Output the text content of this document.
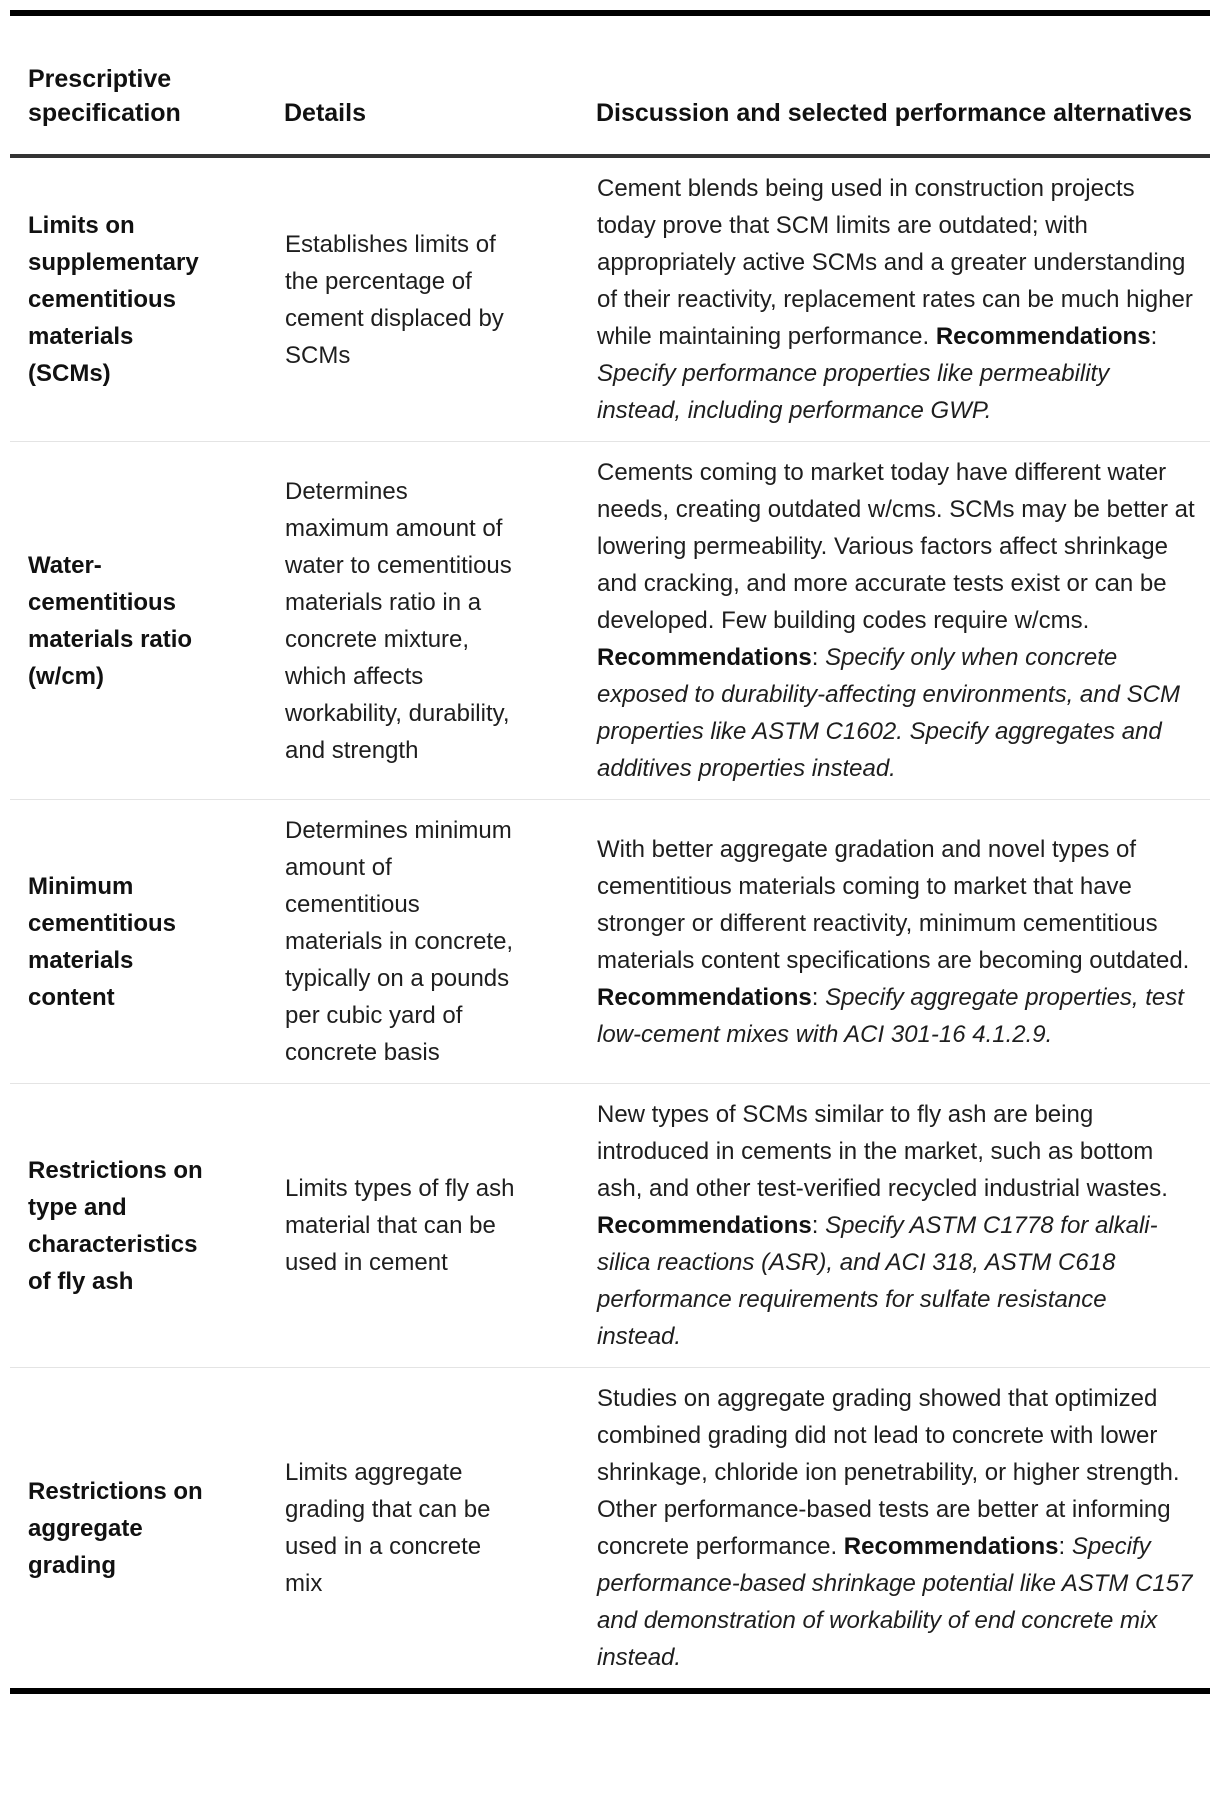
Prescriptive specification	Details	Discussion and selected performance alternatives
Limits on supplementary cementitious materials (SCMs)	Establishes limits of the percentage of cement displaced by SCMs	Cement blends being used in construction projects today prove that SCM limits are outdated; with appropriately active SCMs and a greater understanding of their reactivity, replacement rates can be much higher while maintaining performance. Recommendations: Specify performance properties like permeability instead, including performance GWP.
Water-cementitious materials ratio (w/cm)	Determines maximum amount of water to cementitious materials ratio in a concrete mixture, which affects workability, durability, and strength	Cements coming to market today have different water needs, creating outdated w/cms. SCMs may be better at lowering permeability. Various factors affect shrinkage and cracking, and more accurate tests exist or can be developed. Few building codes require w/cms. Recommendations: Specify only when concrete exposed to durability-affecting environments, and SCM properties like ASTM C1602. Specify aggregates and additives properties instead.
Minimum cementitious materials content	Determines minimum amount of cementitious materials in concrete, typically on a pounds per cubic yard of concrete basis	With better aggregate gradation and novel types of cementitious materials coming to market that have stronger or different reactivity, minimum cementitious materials content specifications are becoming outdated. Recommendations: Specify aggregate properties, test low-cement mixes with ACI 301-16 4.1.2.9.
Restrictions on type and characteristics of fly ash	Limits types of fly ash material that can be used in cement	New types of SCMs similar to fly ash are being introduced in cements in the market, such as bottom ash, and other test-verified recycled industrial wastes. Recommendations: Specify ASTM C1778 for alkali-silica reactions (ASR), and ACI 318, ASTM C618 performance requirements for sulfate resistance instead.
Restrictions on aggregate grading	Limits aggregate grading that can be used in a concrete mix	Studies on aggregate grading showed that optimized combined grading did not lead to concrete with lower shrinkage, chloride ion penetrability, or higher strength. Other performance-based tests are better at informing concrete performance. Recommendations: Specify performance-based shrinkage potential like ASTM C157 and demonstration of workability of end concrete mix instead.
